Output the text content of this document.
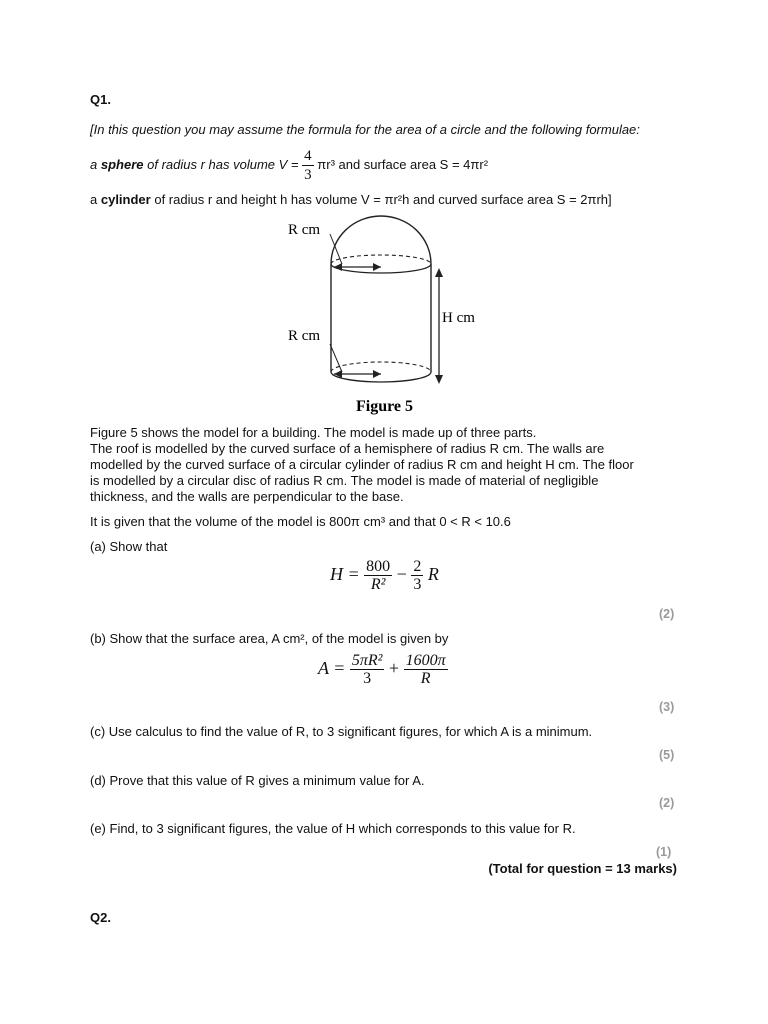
Q1.
[In this question you may assume the formula for the area of a circle and the following formulae:
a sphere of radius r has volume $V = \frac{4}{3} \pi r^3$ and surface area S = 4πr²
a cylinder of radius r and height h has volume V = πr²h and curved surface area S = 2πrh]
R cm
R cm
H cm
Figure 5
Figure 5 shows the model for a building. The model is made up of three parts.
The roof is modelled by the curved surface of a hemisphere of radius R cm. The walls are
modelled by the curved surface of a circular cylinder of radius R cm and height H cm. The floor
is modelled by a circular disc of radius R cm. The model is made of material of negligible
thickness, and the walls are perpendicular to the base.
It is given that the volume of the model is 800π cm³ and that 0 < R < 10.6
(a) Show that
$H = \frac{800}{\text{R²}} - \frac{2}{3}$ R
(2)
(b) Show that the surface area, A cm², of the model is given by
$A = \frac{\text{5πR²}}{3} + \frac{1600\pi}{R}$
(3)
(c) Use calculus to find the value of R, to 3 significant figures, for which A is a minimum.
(5)
(d) Prove that this value of R gives a minimum value for A.
(2)
(e) Find, to 3 significant figures, the value of H which corresponds to this value for R.
(1)
(Total for question = 13 marks)
Q2.
